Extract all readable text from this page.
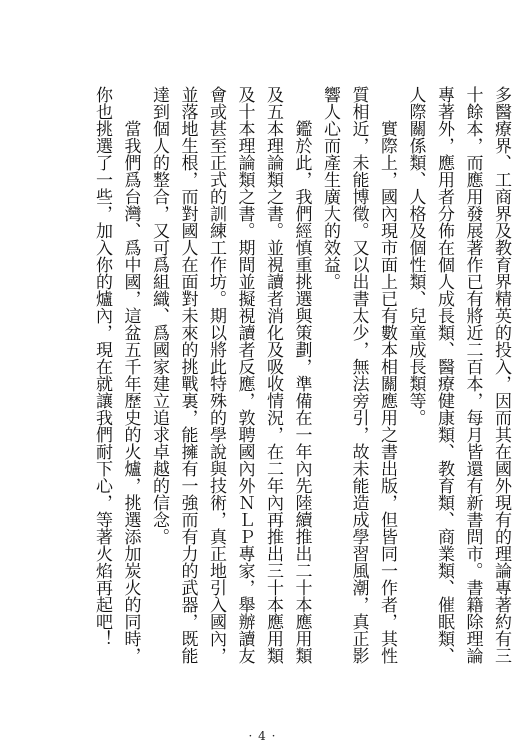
多醫療界、工商界及教育界精英的投入，因而其在國外現有的理論專著約有三十餘本，而應用發展著作已有將近二百本，每月皆還有新書問市。書籍除理論專著外，應用者分佈在個人成長類、醫療健康類、教育類、商業類、催眠類、人際關係類、人格及個性類、兒童成長類等。

實際上，國內現市面上已有數本相關應用之書出版，但皆同一作者，其性質相近，未能博徵。又以出書太少，無法旁引，故未能造成學習風潮，真正影響人心而產生廣大的效益。

鑑於此，我們經慎重挑選與策劃，準備在一年內先陸續推出二十本應用類及五本理論類之書。並視讀者消化及吸收情況，在二年內再推出三十本應用類及十本理論類之書。期間並擬視讀者反應，敦聘國內外ＮＬＰ專家，舉辦讀友會或甚至正式的訓練工作坊。期以將此特殊的學說與技術，真正地引入國內，並落地生根，而對國人在面對未來的挑戰裏，能擁有一強而有力的武器，既能達到個人的整合，又可爲組織、爲國家建立追求卓越的信念。

當我們爲台灣、爲中國，這盆五千年歷史的火爐，挑選添加炭火的同時，你也挑選了一些，加入你的爐內，現在就讓我們耐下心，等著火焰再起吧！

· 4 ·
